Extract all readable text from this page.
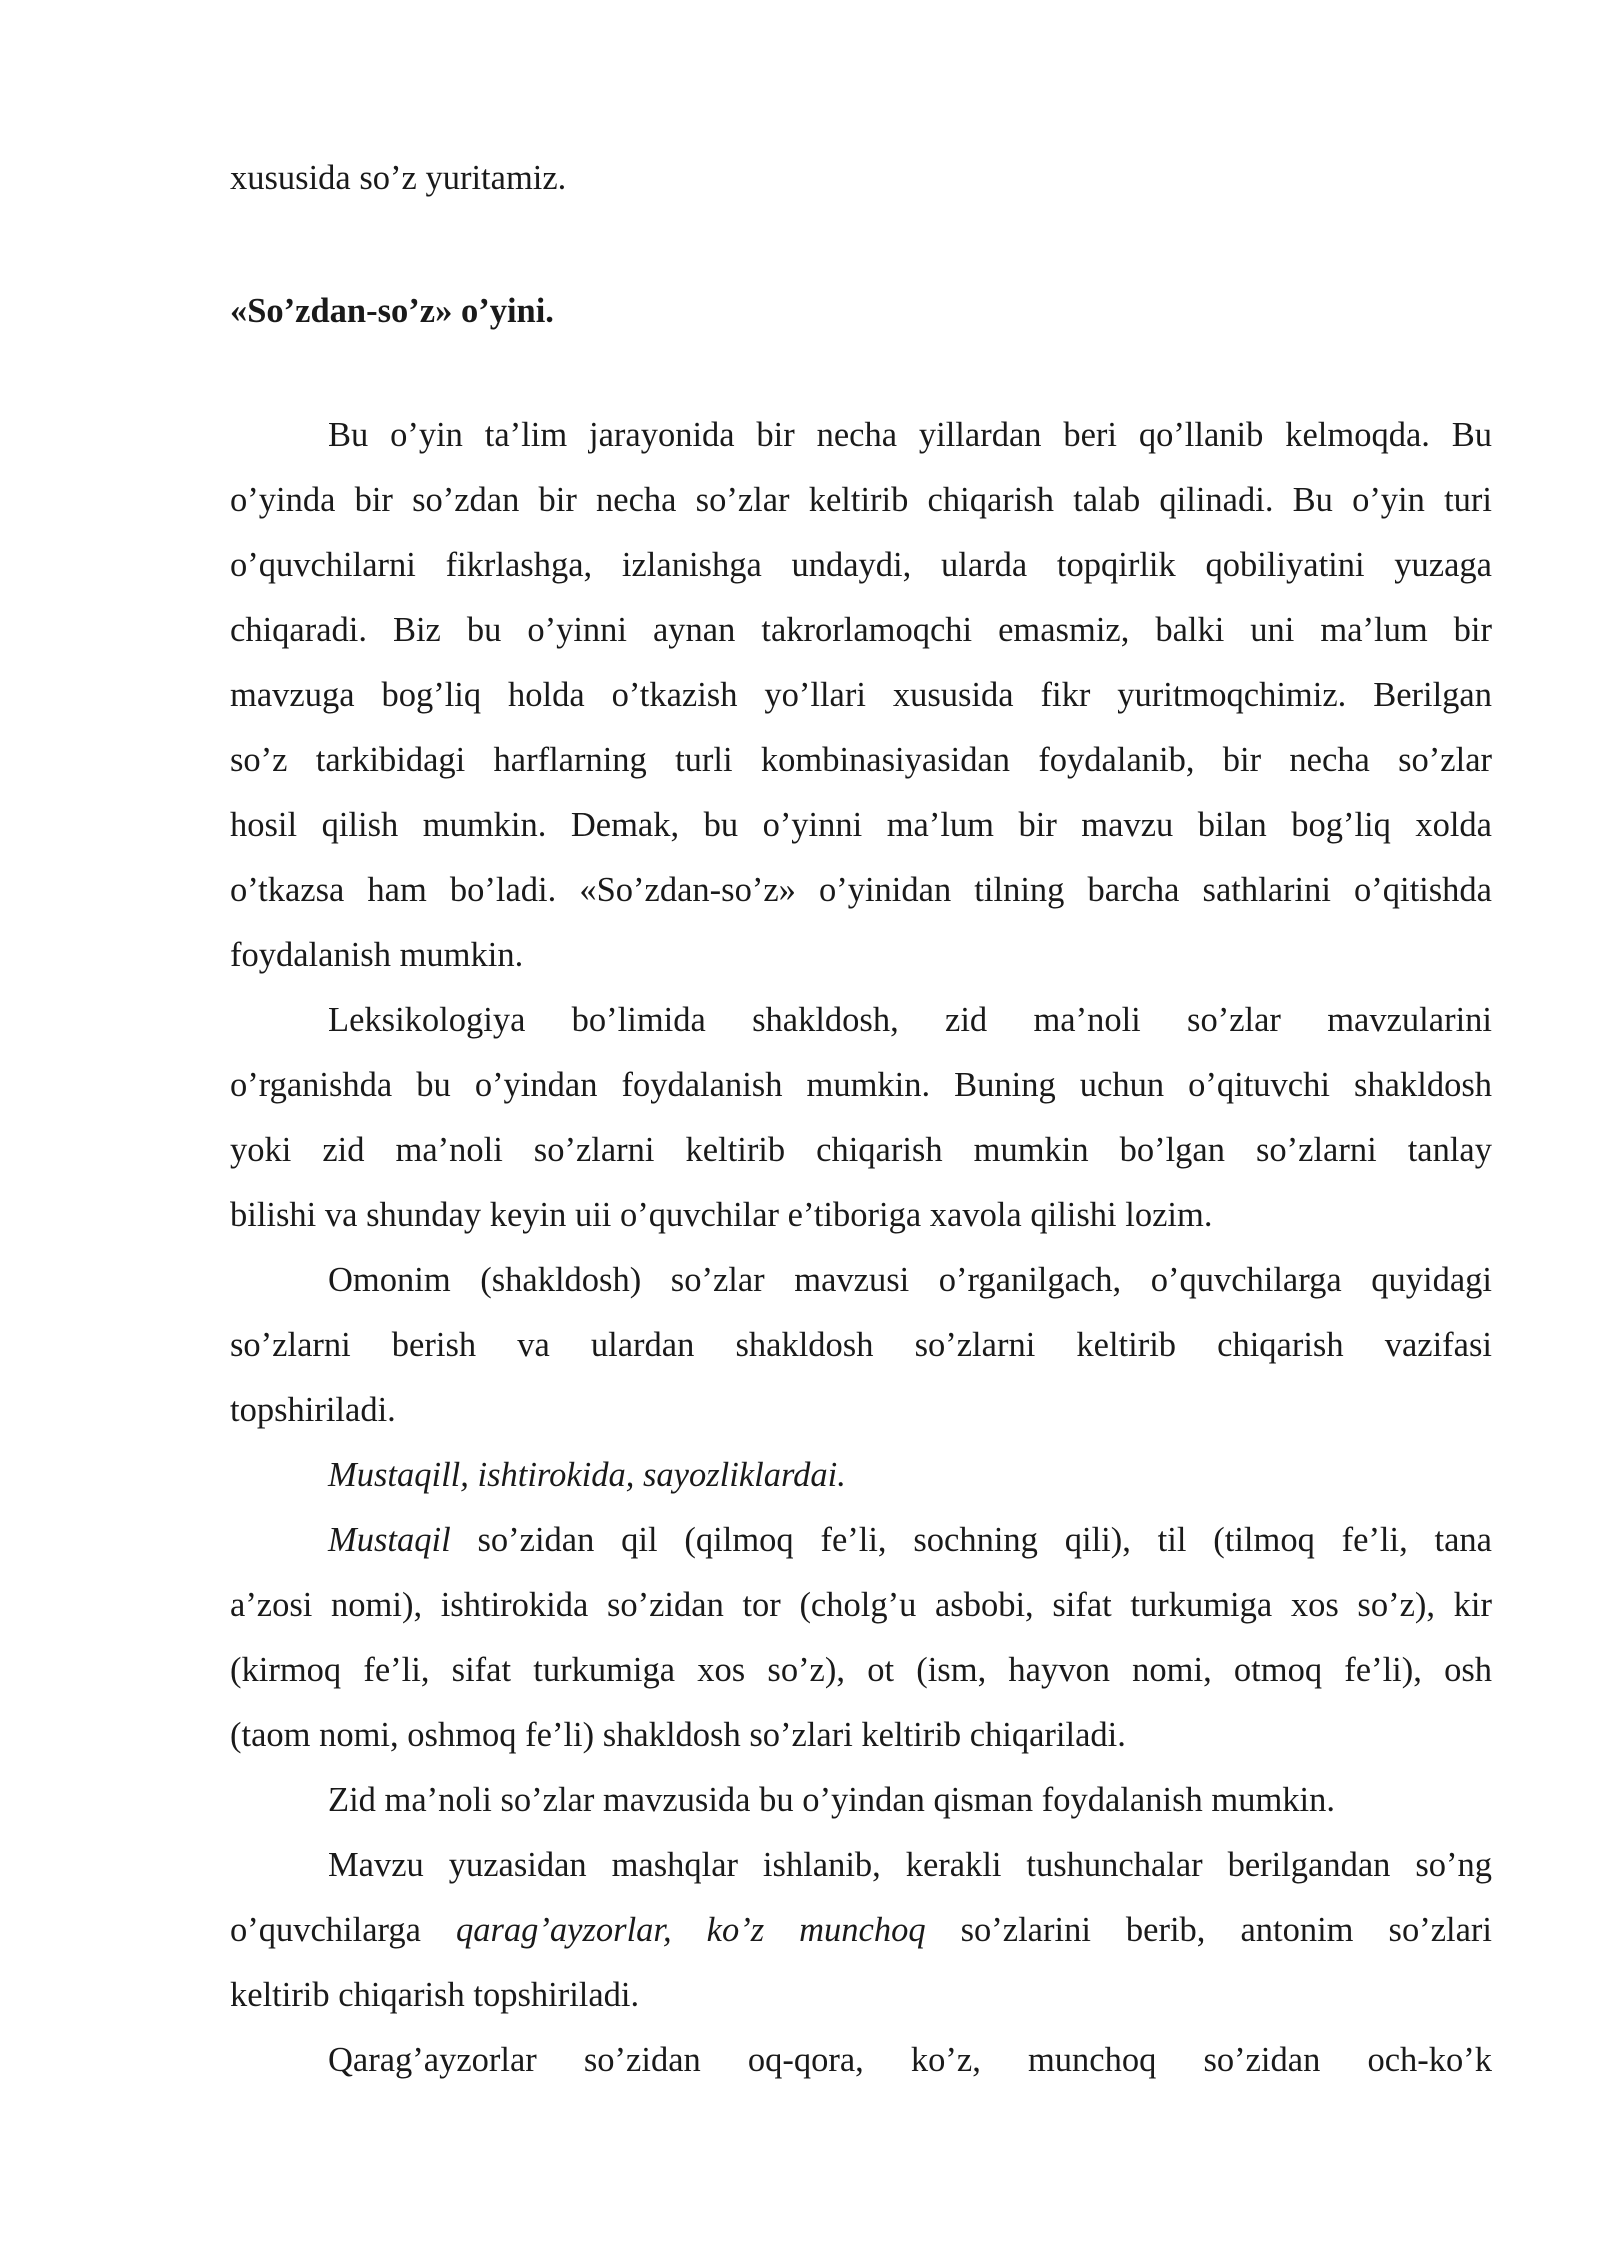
xususida so’z yuritamiz.
«So’zdan-so’z» o’yini.
Bu o’yin ta’lim jarayonida bir necha yillardan beri qo’llanib kelmoqda. Bu
o’yinda bir so’zdan bir necha so’zlar keltirib chiqarish talab qilinadi. Bu o’yin turi
o’quvchilarni fikrlashga, izlanishga undaydi, ularda topqirlik qobiliyatini yuzaga
chiqaradi. Biz bu o’yinni aynan takrorlamoqchi emasmiz, balki uni ma’lum bir
mavzuga bog’liq holda o’tkazish yo’llari xususida fikr yuritmoqchimiz. Berilgan
so’z tarkibidagi harflarning turli kombinasiyasidan foydalanib, bir necha so’zlar
hosil qilish mumkin. Demak, bu o’yinni ma’lum bir mavzu bilan bog’liq xolda
o’tkazsa ham bo’ladi. «So’zdan-so’z» o’yinidan tilning barcha sathlarini o’qitishda
foydalanish mumkin.
Leksikologiya bo’limida shakldosh, zid ma’noli so’zlar mavzularini
o’rganishda bu o’yindan foydalanish mumkin. Buning uchun o’qituvchi shakldosh
yoki zid ma’noli so’zlarni keltirib chiqarish mumkin bo’lgan so’zlarni tanlay
bilishi va shunday keyin uii o’quvchilar e’tiboriga xavola qilishi lozim.
Omonim (shakldosh) so’zlar mavzusi o’rganilgach, o’quvchilarga quyidagi
so’zlarni berish va ulardan shakldosh so’zlarni keltirib chiqarish vazifasi
topshiriladi.
Mustaqill, ishtirokida, sayozliklardai.
Mustaqil so’zidan qil (qilmoq fe’li, sochning qili), til (tilmoq fe’li, tana
a’zosi nomi), ishtirokida so’zidan tor (cholg’u asbobi, sifat turkumiga xos so’z), kir
(kirmoq fe’li, sifat turkumiga xos so’z), ot (ism, hayvon nomi, otmoq fe’li), osh
(taom nomi, oshmoq fe’li) shakldosh so’zlari keltirib chiqariladi.
Zid ma’noli so’zlar mavzusida bu o’yindan qisman foydalanish mumkin.
Mavzu yuzasidan mashqlar ishlanib, kerakli tushunchalar berilgandan so’ng
o’quvchilarga qarag’ayzorlar, ko’z munchoq so’zlarini berib, antonim so’zlari
keltirib chiqarish topshiriladi.
Qarag’ayzorlar so’zidan oq-qora, ko’z, munchoq so’zidan och-ko’k
